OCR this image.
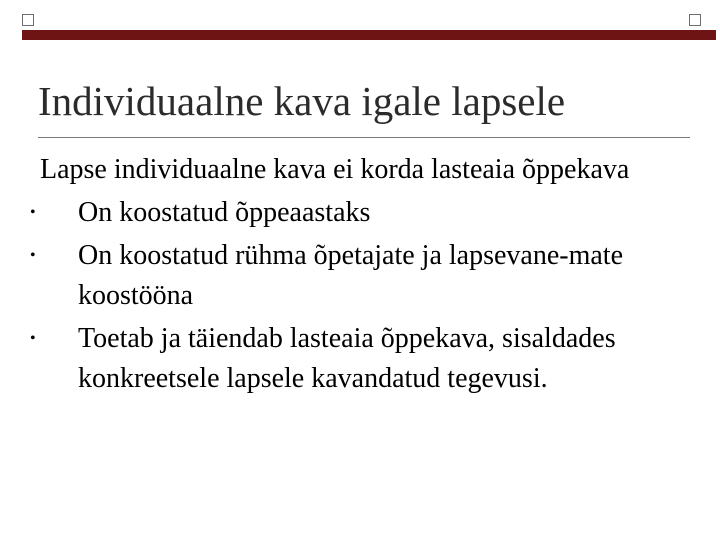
Individuaalne kava igale lapsele

Lapse individuaalne kava ei korda lasteaia õppekava

• On koostatud õppeaastaks
• On koostatud rühma õpetajate ja lapsevane-mate koostööna
• Toetab ja täiendab lasteaia õppekava, sisaldades konkreetsele lapsele kavandatud tegevusi.
